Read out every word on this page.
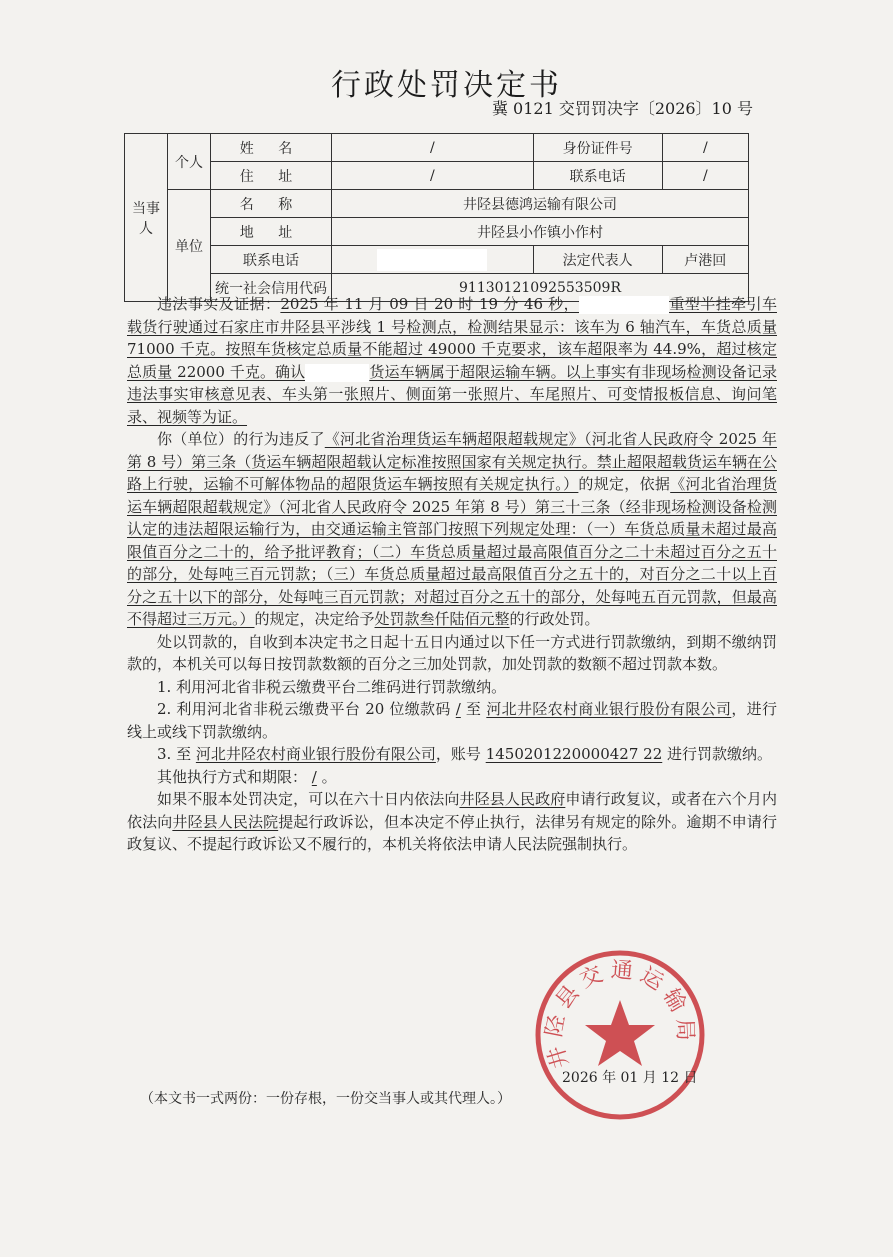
行政处罚决定书
冀 0121 交罚罚决字〔2026〕10 号
当事人	个人	姓 名	/	身份证件号	/
		住 址	/	联系电话	/
	单位	名 称	井陉县德鸿运输有限公司		
		地 址	井陉县小作镇小作村		
		联系电话		法定代表人	卢港回
		统一社会信用代码	91130121092553509R		

违法事实及证据：2025 年 11 月 09 日 20 时 19 分 46 秒，	重型半挂牵引车载货行驶通过石家庄市井陉县平涉线 1 号检测点，检测结果显示：该车为 6 轴汽车，车货总质量 71000 千克。按照车货核定总质量不能超过 49000 千克要求，该车超限率为 44.9%，超过核定总质量 22000 千克。确认	货运车辆属于超限运输车辆。以上事实有非现场检测设备记录违法事实审核意见表、车头第一张照片、侧面第一张照片、车尾照片、可变情报板信息、询问笔录、视频等为证。

你（单位）的行为违反了《河北省治理货运车辆超限超载规定》（河北省人民政府令 2025 年第 8 号）第三条（货运车辆超限超载认定标准按照国家有关规定执行。禁止超限超载货运车辆在公路上行驶，运输不可解体物品的超限货运车辆按照有关规定执行。）的规定，依据《河北省治理货运车辆超限超载规定》（河北省人民政府令 2025 年第 8 号）第三十三条（经非现场检测设备检测认定的违法超限运输行为，由交通运输主管部门按照下列规定处理：（一）车货总质量未超过最高限值百分之二十的，给予批评教育；（二）车货总质量超过最高限值百分之二十未超过百分之五十的部分，处每吨三百元罚款；（三）车货总质量超过最高限值百分之五十的，对百分之二十以上百分之五十以下的部分，处每吨三百元罚款；对超过百分之五十的部分，处每吨五百元罚款，但最高不得超过三万元。）的规定，决定给予处罚款叁仟陆佰元整的行政处罚。

处以罚款的，自收到本决定书之日起十五日内通过以下任一方式进行罚款缴纳，到期不缴纳罚款的，本机关可以每日按罚款数额的百分之三加处罚款，加处罚款的数额不超过罚款本数。

1. 利用河北省非税云缴费平台二维码进行罚款缴纳。

2. 利用河北省非税云缴费平台 20 位缴款码 / 至 河北井陉农村商业银行股份有限公司，进行线上或线下罚款缴纳。

3. 至 河北井陉农村商业银行股份有限公司，账号 1450201220000427 22 进行罚款缴纳。

其他执行方式和期限： / 。

如果不服本处罚决定，可以在六十日内依法向井陉县人民政府申请行政复议，或者在六个月内依法向井陉县人民法院提起行政诉讼，但本决定不停止执行，法律另有规定的除外。逾期不申请行政复议、不提起行政诉讼又不履行的，本机关将依法申请人民法院强制执行。

井陉县交通运输局
2026 年 01 月 12 日
（本文书一式两份：一份存根，一份交当事人或其代理人。）
